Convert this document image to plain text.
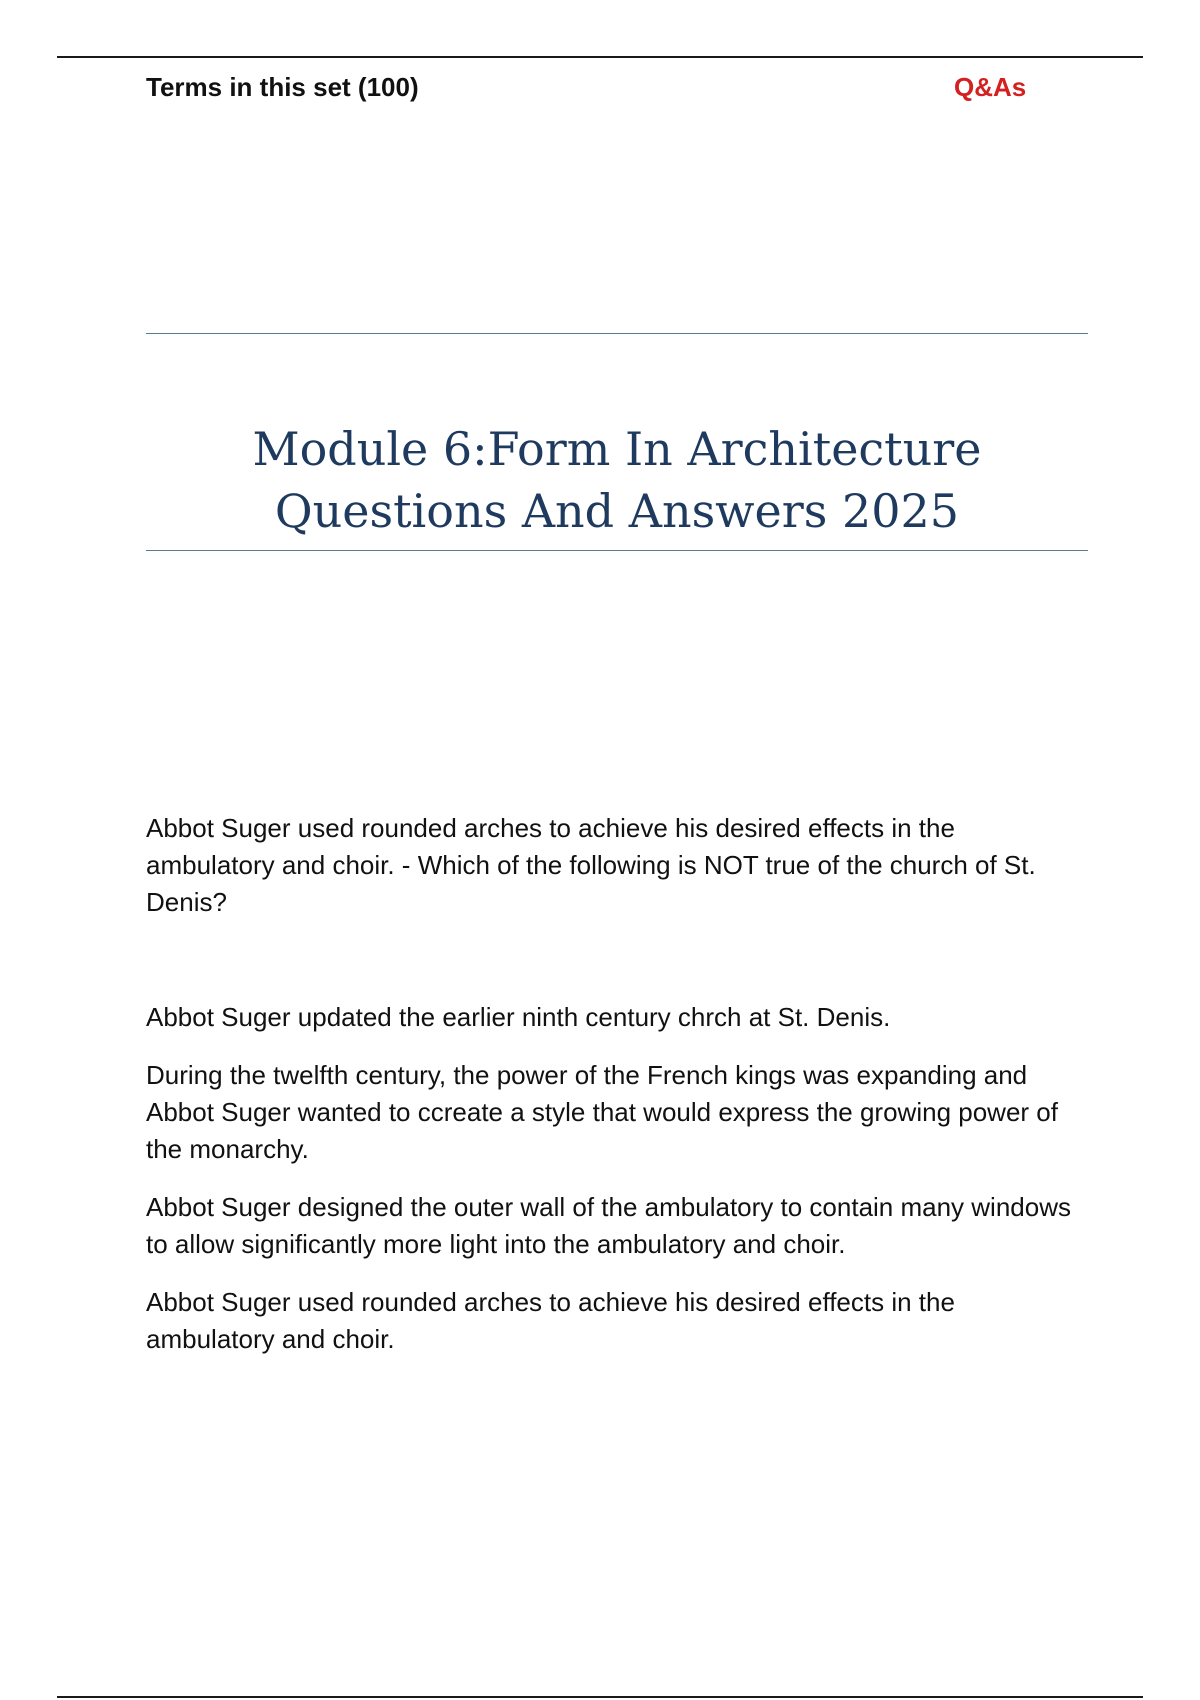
Terms in this set (100)	Q&As
Module 6:Form In Architecture
Questions And Answers 2025

Abbot Suger used rounded arches to achieve his desired effects in the ambulatory and choir. - Which of the following is NOT true of the church of St. Denis?

Abbot Suger updated the earlier ninth century chrch at St. Denis.

During the twelfth century, the power of the French kings was expanding and Abbot Suger wanted to ccreate a style that would express the growing power of the monarchy.

Abbot Suger designed the outer wall of the ambulatory to contain many windows to allow significantly more light into the ambulatory and choir.

Abbot Suger used rounded arches to achieve his desired effects in the ambulatory and choir.
